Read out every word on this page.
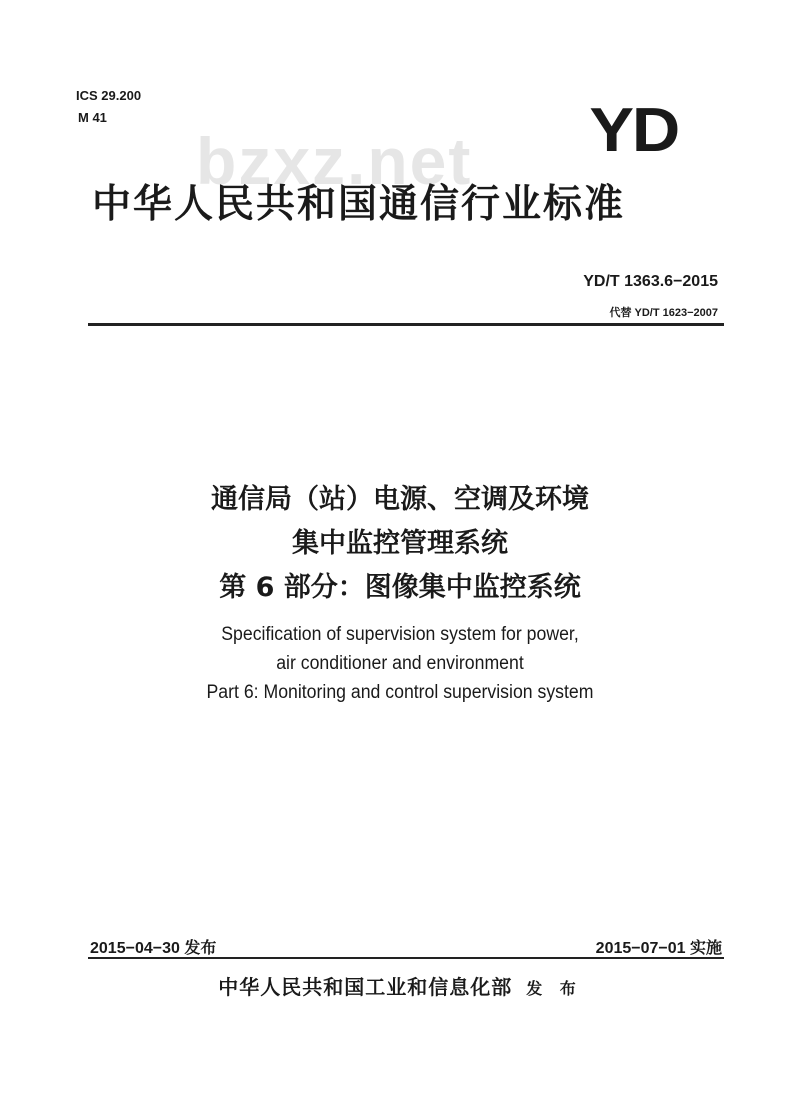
ICS 29.200
M 41
bzxz.net YD
中华人民共和国通信行业标准
YD/T 1363.6−2015
代替 YD/T 1623−2007
通信局（站）电源、空调及环境
集中监控管理系统
第 6 部分：图像集中监控系统
Specification of supervision system for power,
air conditioner and environment
Part 6: Monitoring and control supervision system
2015−04−30 发布	2015−07−01 实施
中华人民共和国工业和信息化部 发 布
